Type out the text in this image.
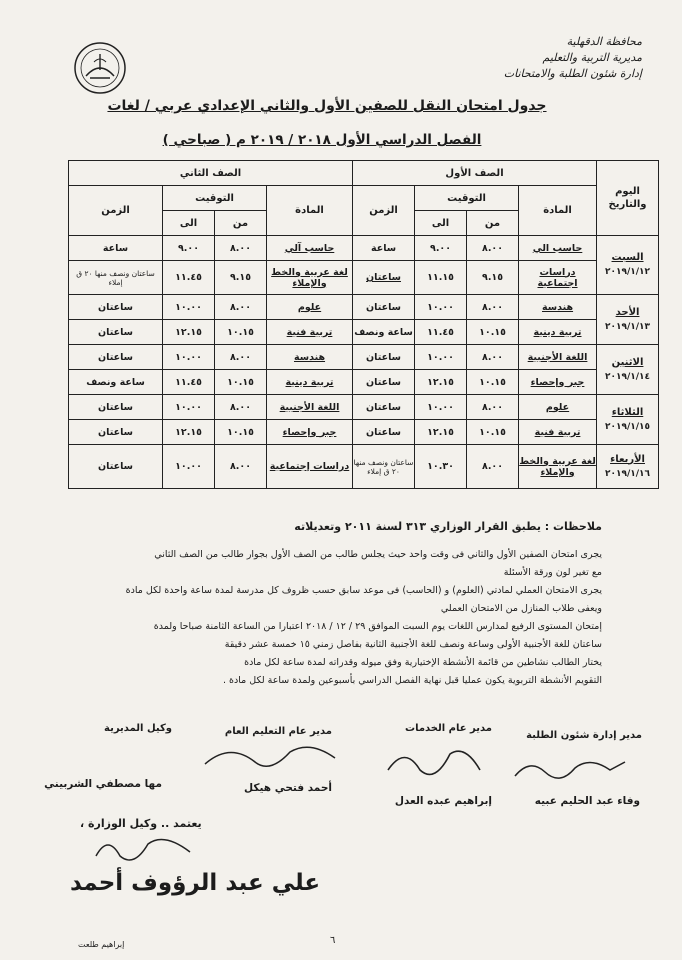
محافظة الدقهلية
مديرية التربية والتعليم
إدارة شئون الطلبة والامتحانات
جدول امتحان النقل للصفين الأول والثاني الإعدادي عربي / لغات
الفصل الدراسي الأول ٢٠١٨ / ٢٠١٩ م ( صباحي )
اليوم والتاريخ	الصف الأول				الصف الثاني			
	المادة	التوقيت		الزمن	المادة	التوقيت		الزمن
		من	الى			من	الى	

السبت
٢٠١٩/١/١٢	حاسب الي	٨.٠٠	٩.٠٠	ساعة	حاسب آلي	٨.٠٠	٩.٠٠	ساعة
	دراسات اجتماعية	٩.١٥	١١.١٥	ساعتان	لغة عربية والخط والإملاء	٩.١٥	١١.٤٥	ساعتان ونصف منها ٢٠ ق إملاء

الأحد
٢٠١٩/١/١٣	هندسة	٨.٠٠	١٠.٠٠	ساعتان	علوم	٨.٠٠	١٠.٠٠	ساعتان
	تربية دينية	١٠.١٥	١١.٤٥	ساعة ونصف	تربية فنية	١٠.١٥	١٢.١٥	ساعتان

الاثنين
٢٠١٩/١/١٤	اللغة الأجنبية	٨.٠٠	١٠.٠٠	ساعتان	هندسة	٨.٠٠	١٠.٠٠	ساعتان
	جبر وإحصاء	١٠.١٥	١٢.١٥	ساعتان	تربية دينية	١٠.١٥	١١.٤٥	ساعة ونصف

الثلاثاء
٢٠١٩/١/١٥	علوم	٨.٠٠	١٠.٠٠	ساعتان	اللغة الأجنبية	٨.٠٠	١٠.٠٠	ساعتان
	تربية فنية	١٠.١٥	١٢.١٥	ساعتان	جبر وإحصاء	١٠.١٥	١٢.١٥	ساعتان

الأربعاء
٢٠١٩/١/١٦	لغة عربية والخط والإملاء	٨.٠٠	١٠.٣٠	ساعتان ونصف منها ٢٠ ق إملاء	دراسات إجتماعية	٨.٠٠	١٠.٠٠	ساعتان
ملاحظات : يطبق القرار الوزاري ٣١٣ لسنة ٢٠١١ وتعديلاته
يجرى امتحان الصفين الأول والثاني فى وقت واحد حيث يجلس طالب من الصف الأول بجوار طالب من الصف الثاني
مع تغير لون ورقة الأسئلة
يجرى الامتحان العملي لمادتي (العلوم) و (الحاسب) فى موعد سابق حسب ظروف كل مدرسة لمدة ساعة واحدة لكل مادة
ويعفى طلاب المنازل من الامتحان العملي
إمتحان المستوى الرفيع لمدارس اللغات يوم السبت الموافق ٢٩ / ١٢ / ٢٠١٨ اعتبارا من الساعة الثامنة صباحا ولمدة
ساعتان للغة الأجنبية الأولى وساعة ونصف للغة الأجنبية الثانية بفاصل زمني ١٥ خمسة عشر دقيقة
يختار الطالب نشاطين من قائمة الأنشطة الإختيارية وفق ميوله وقدراته لمدة ساعة لكل مادة
التقويم الأنشطة التربوية يكون عمليا قبل نهاية الفصل الدراسي بأسبوعين ولمدة ساعة لكل مادة .
مدير إدارة شئون الطلبة
مدير عام الخدمات
مدير عام التعليم العام
وكيل المديرية
وفاء عبد الحليم عبيه
إبراهيم عبده العدل
أحمد فتحي هيكل
مها مصطفي الشربيني
يعتمد .. وكيل الوزارة ،
علي عبد الرؤوف أحمد
٦
إبراهيم طلعت
